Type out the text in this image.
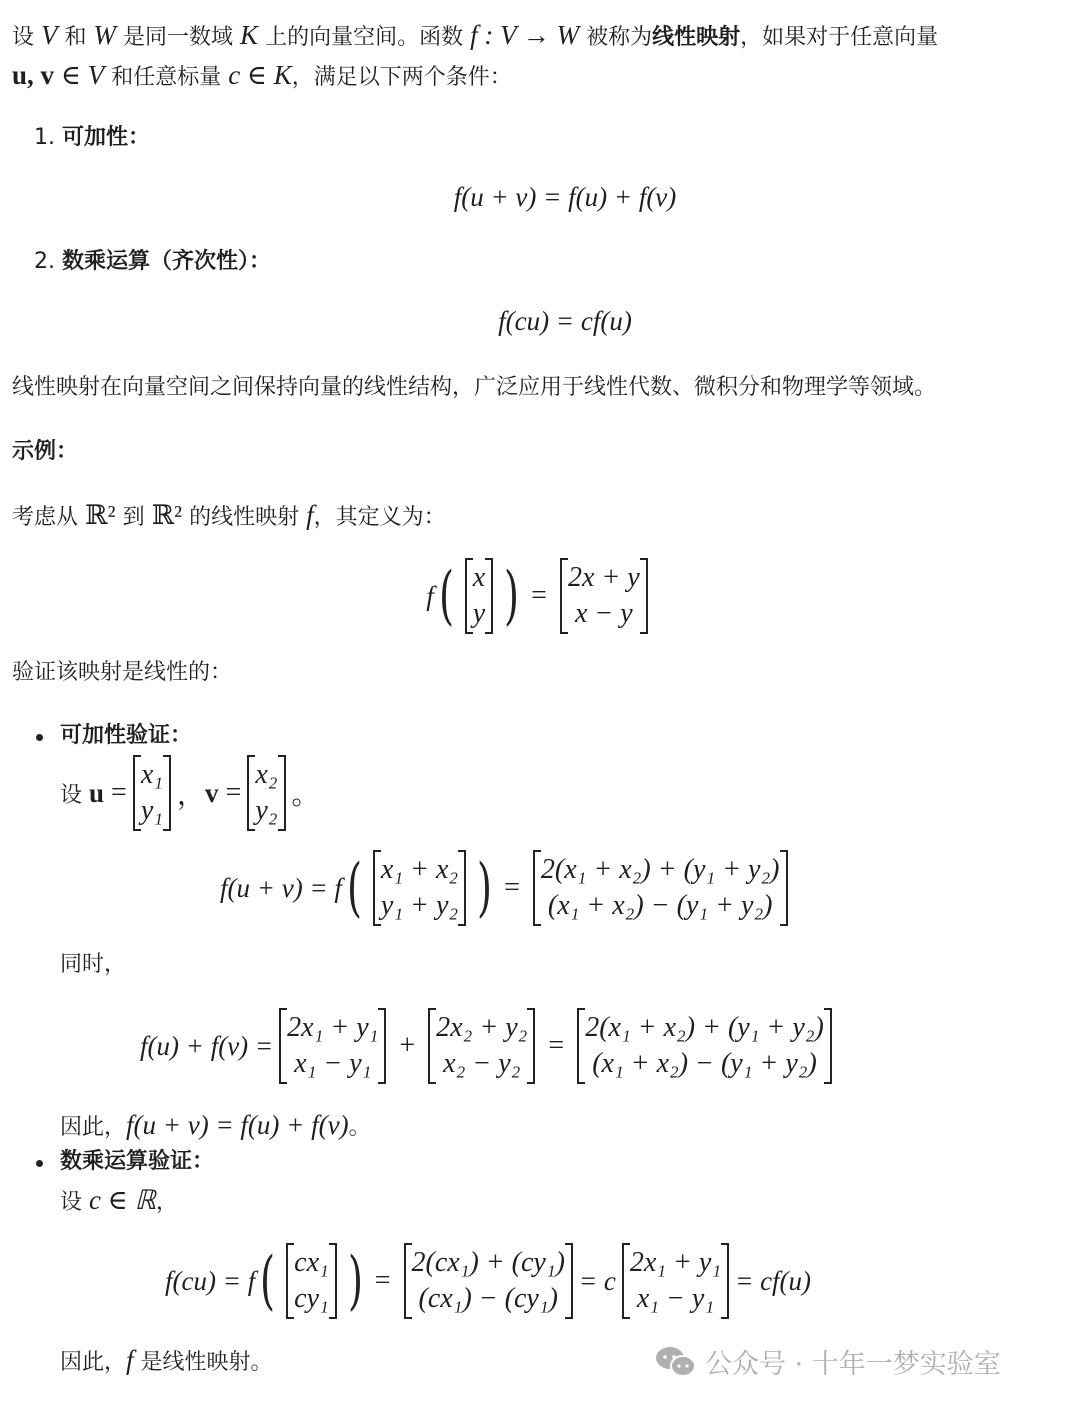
设 V 和 W 是同一数域 K 上的向量空间。函数 f : V → W 被称为线性映射，如果对于任意向量
u, v ∈ V 和任意标量 c ∈ K，满足以下两个条件：
1. 可加性：
f(u + v) = f(u) + f(v)
2. 数乘运算（齐次性）：
f(cu) = cf(u)
线性映射在向量空间之间保持向量的线性结构，广泛应用于线性代数、微积分和物理学等领域。
示例：
考虑从 ℝ² 到 ℝ² 的线性映射 f，其定义为：
f ( x
y )
=

2x + y
x − y
验证该映射是线性的：
可加性验证：
设
u
=
x₁
y₁ ， v
=
x₂
y₂ 。
f(u + v) = f ( x₁ + x₂
y₁ + y₂ ) =
2(x₁ + x₂) + (y₁ + y₂)
(x₁ + x₂) − (y₁ + y₂)
同时，
f(u) + f(v) =
2x₁ + y₁
x₁ − y₁

+

2x₂ + y₂
x₂ − y₂
=
2(x₁ + x₂) + (y₁ + y₂)
(x₁ + x₂) − (y₁ + y₂)
因此，f(u + v) = f(u) + f(v)。
数乘运算验证：
设 c ∈ ℝ，
f(cu) = f ( cx₁
cy₁ ) =
2(cx₁) + (cy₁)
(cx₁) − (cy₁)
= c
2x₁ + y₁
x₁ − y₁
= cf(u)
因此，f 是线性映射。	公众号 · 十年一梦实验室
